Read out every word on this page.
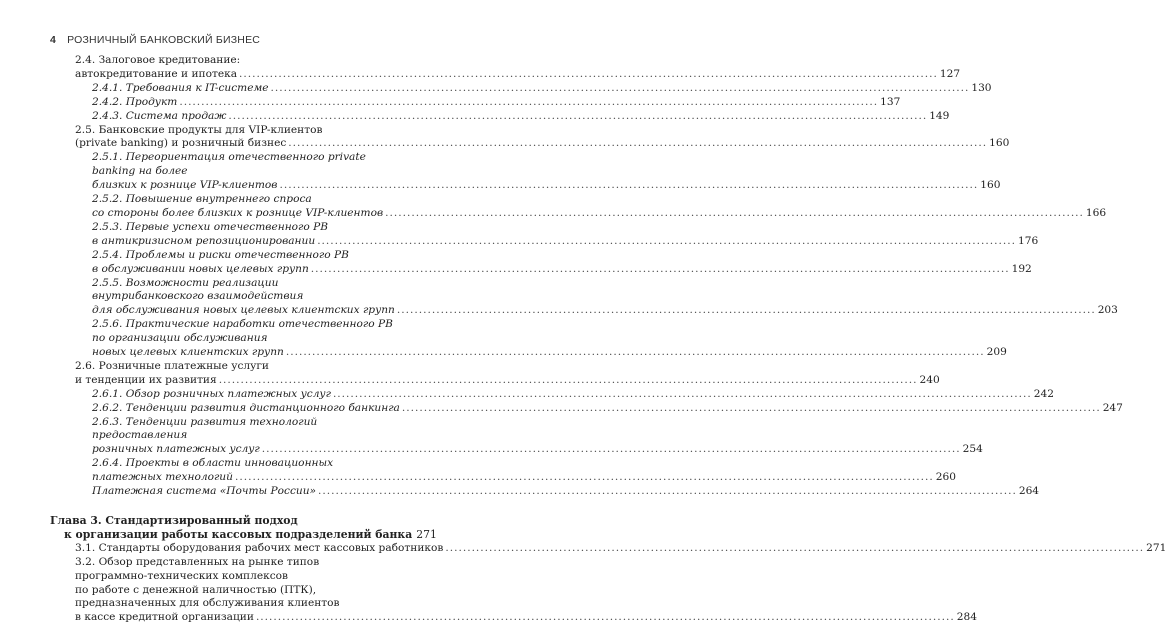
4 РОЗНИЧНЫЙ БАНКОВСКИЙ БИЗНЕС
2.4. Залоговое кредитование:
автокредитование и ипотека .....	127
2.4.1. Требования к IT-системе .....	130
2.4.2. Продукт .....	137
2.4.3. Система продаж .....	149
2.5. Банковские продукты для VIP-клиентов
(private banking) и розничный бизнес .....	160
2.5.1. Переориентация отечественного private banking на более
близких к рознице VIP-клиентов .....	160
2.5.2. Повышение внутреннего спроса
со стороны более близких к рознице VIP-клиентов .....	166
2.5.3. Первые успехи отечественного PB
в антикризисном репозиционировании .....	176
2.5.4. Проблемы и риски отечественного PB
в обслуживании новых целевых групп .....	192
2.5.5. Возможности реализации
внутрибанковского взаимодействия
для обслуживания новых целевых клиентских групп .....	203
2.5.6. Практические наработки отечественного PB
по организации обслуживания
новых целевых клиентских групп .....	209
2.6. Розничные платежные услуги
и тенденции их развития .....	240
2.6.1. Обзор розничных платежных услуг .....	242
2.6.2. Тенденции развития дистанционного банкинга .....	247
2.6.3. Тенденции развития технологий предоставления
розничных платежных услуг .....	254
2.6.4. Проекты в области инновационных
платежных технологий .....	260
Платежная система «Почты России» .....	264
Глава 3. Стандартизированный подход
к организации работы кассовых подразделений банка 271
3.1. Стандарты оборудования рабочих мест кассовых работников .....	271
3.2. Обзор представленных на рынке типов
программно-технических комплексов
по работе с денежной наличностью (ПТК),
предназначенных для обслуживания клиентов
в кассе кредитной организации .....	284
